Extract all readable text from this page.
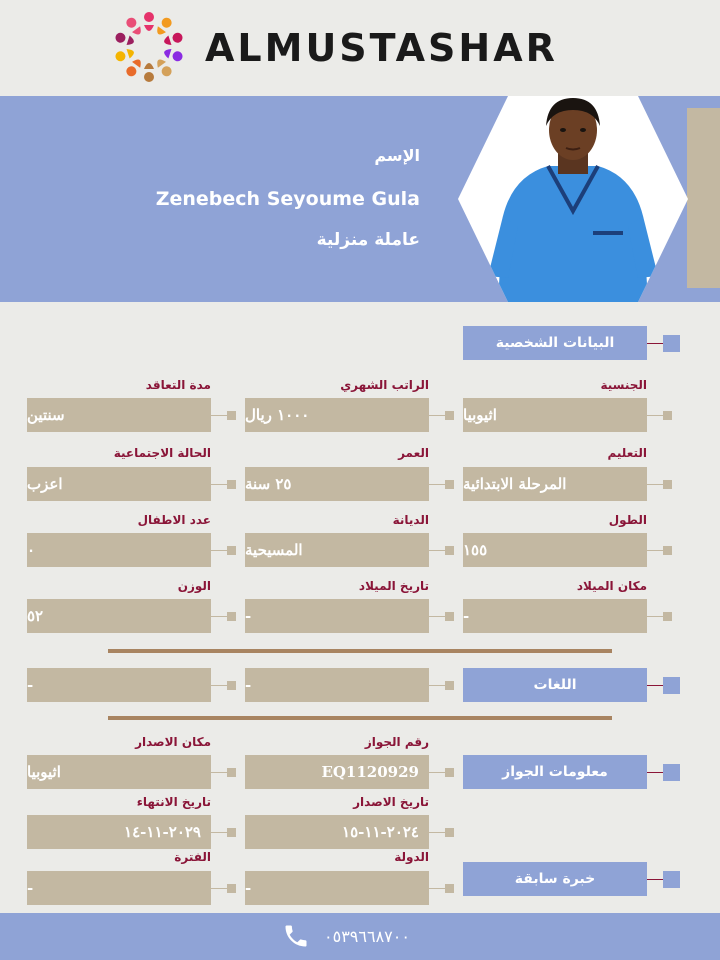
ALMUSTASHAR
الإسم
Zenebech Seyoume Gula
عاملة منزلية
البيانات الشخصية
الجنسية
اثيوبيا
الراتب الشهري
١٠٠٠ ريال
مدة التعاقد
سنتين
التعليم
المرحلة الابتدائية
العمر
٢٥ سنة
الحالة الاجتماعية
اعزب
الطول
١٥٥
الديانة
المسيحية
عدد الاطفال
٠
مكان الميلاد
-
تاريخ الميلاد
-
الوزن
٥٢
اللغات
-
-
معلومات الجواز
رقم الجواز
EQ1120929
مكان الاصدار
اثيوبيا
تاريخ الاصدار
٢٠٢٤-١١-١٥
تاريخ الانتهاء
٢٠٢٩-١١-١٤
خبرة سابقة
الدولة
-
الفترة
-
٠٥٣٩٦٦٨٧٠٠
